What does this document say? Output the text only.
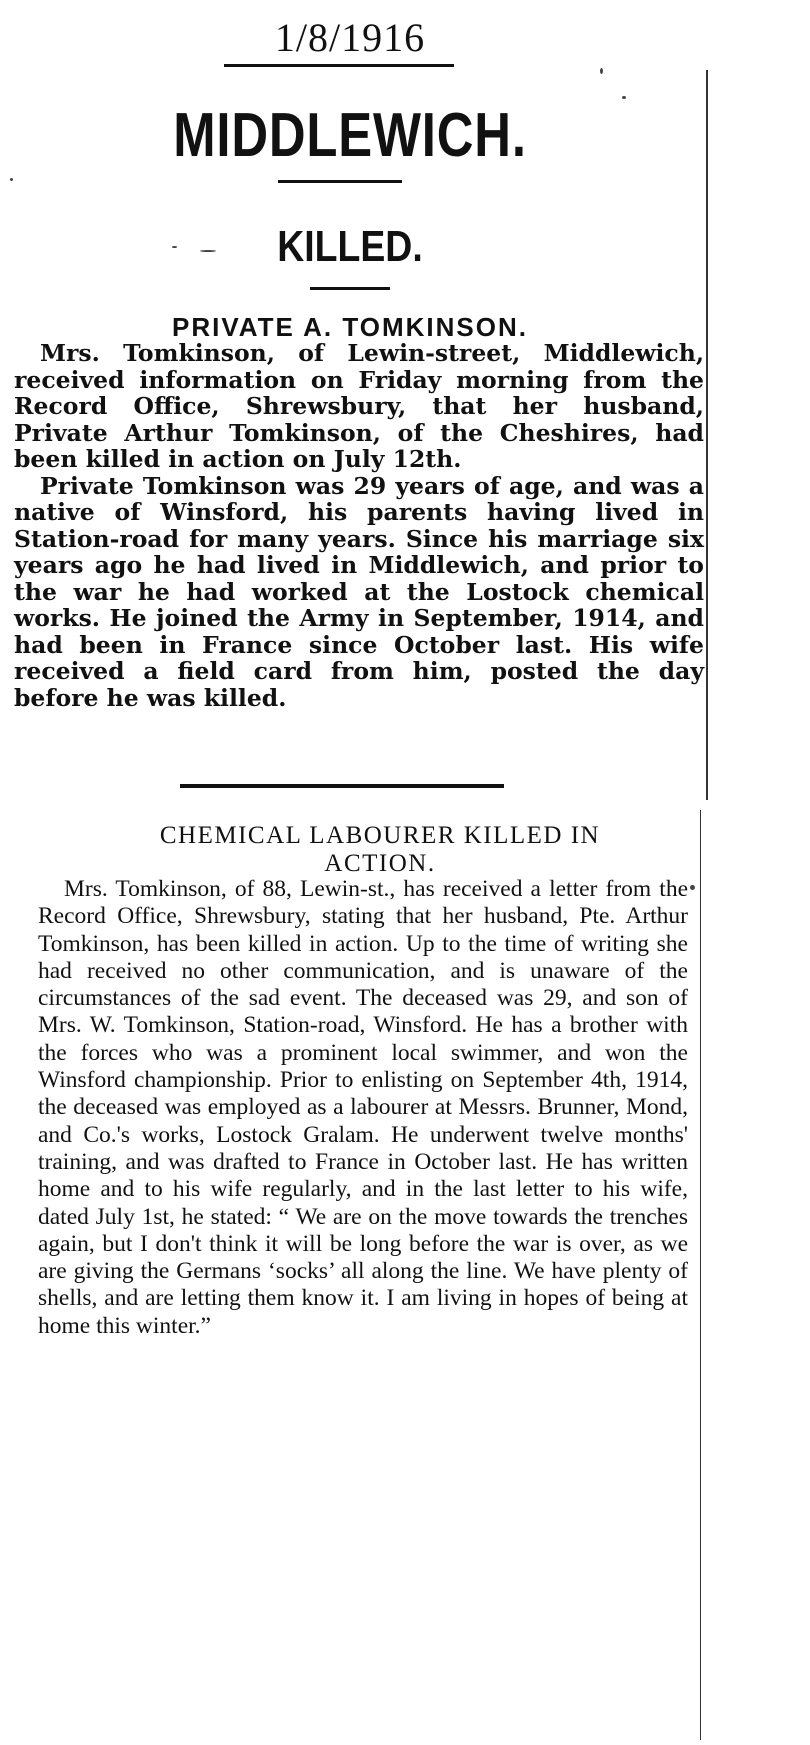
1/8/1916
MIDDLEWICH.
KILLED.
PRIVATE A. TOMKINSON.

Mrs. Tomkinson, of Lewin-street, Middlewich, received information on Friday morning from the Record Office, Shrewsbury, that her husband, Private Arthur Tomkinson, of the Cheshires, had been killed in action on July 12th.

Private Tomkinson was 29 years of age, and was a native of Winsford, his parents having lived in Station-road for many years. Since his marriage six years ago he had lived in Middlewich, and prior to the war he had worked at the Lostock chemical works. He joined the Army in September, 1914, and had been in France since October last. His wife received a field card from him, posted the day before he was killed.

CHEMICAL LABOURER KILLED IN
ACTION.

Mrs. Tomkinson, of 88, Lewin-st., has received a letter from the Record Office, Shrewsbury, stating that her husband, Pte. Arthur Tomkinson, has been killed in action. Up to the time of writing she had received no other communication, and is unaware of the circumstances of the sad event. The deceased was 29, and son of Mrs. W. Tomkinson, Station-road, Winsford. He has a brother with the forces who was a prominent local swimmer, and won the Winsford championship. Prior to enlisting on September 4th, 1914, the deceased was employed as a labourer at Messrs. Brunner, Mond, and Co.'s works, Lostock Gralam. He underwent twelve months' training, and was drafted to France in October last. He has written home and to his wife regularly, and in the last letter to his wife, dated July 1st, he stated: “ We are on the move towards the trenches again, but I don't think it will be long before the war is over, as we are giving the Germans ‘socks’ all along the line. We have plenty of shells, and are letting them know it. I am living in hopes of being at home this winter.”
